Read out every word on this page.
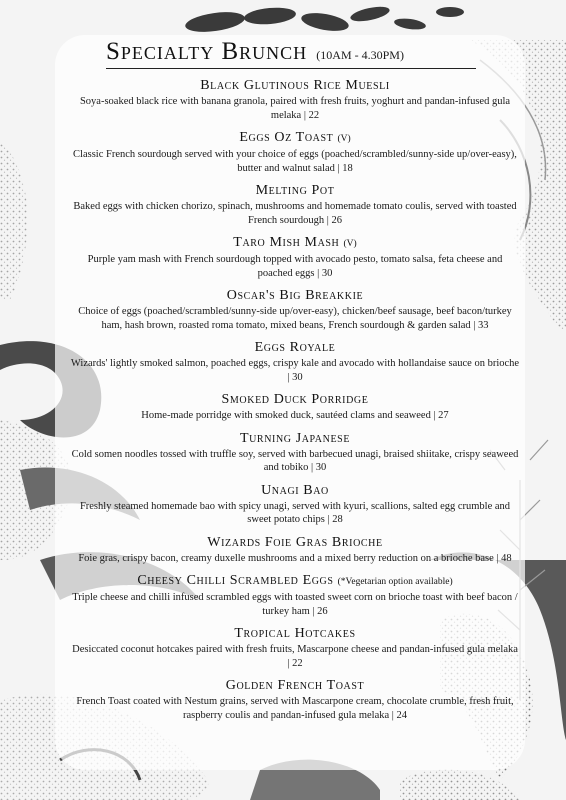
Specialty Brunch (10AM - 4.30PM)
Black Glutinous Rice Muesli
Soya-soaked black rice with banana granola, paired with fresh fruits, yoghurt and pandan-infused gula melaka | 22
Eggs Oz Toast (V)
Classic French sourdough served with your choice of eggs (poached/scrambled/sunny-side up/over-easy), butter and walnut salad | 18
Melting Pot
Baked eggs with chicken chorizo, spinach, mushrooms and homemade tomato coulis, served with toasted French sourdough | 26
Taro Mish Mash (V)
Purple yam mash with French sourdough topped with avocado pesto, tomato salsa, feta cheese and poached eggs | 30
Oscar's Big Breakkie
Choice of eggs (poached/scrambled/sunny-side up/over-easy), chicken/beef sausage, beef bacon/turkey ham, hash brown, roasted roma tomato, mixed beans, French sourdough & garden salad | 33
Eggs Royale
Wizards' lightly smoked salmon, poached eggs, crispy kale and avocado with hollandaise sauce on brioche | 30
Smoked Duck Porridge
Home-made porridge with smoked duck, sautéed clams and seaweed | 27
Turning Japanese
Cold somen noodles tossed with truffle soy, served with barbecued unagi, braised shiitake, crispy seaweed and tobiko | 30
Unagi Bao
Freshly steamed homemade bao with spicy unagi, served with kyuri, scallions, salted egg crumble and sweet potato chips | 28
Wizards Foie Gras Brioche
Foie gras, crispy bacon, creamy duxelle mushrooms and a mixed berry reduction on a brioche base | 48
Cheesy Chilli Scrambled Eggs (*Vegetarian option available)
Triple cheese and chilli infused scrambled eggs with toasted sweet corn on brioche toast with beef bacon / turkey ham | 26
Tropical Hotcakes
Desiccated coconut hotcakes paired with fresh fruits, Mascarpone cheese and pandan-infused gula melaka | 22
Golden French Toast
French Toast coated with Nestum grains, served with Mascarpone cream, chocolate crumble, fresh fruit, raspberry coulis and pandan-infused gula melaka | 24
